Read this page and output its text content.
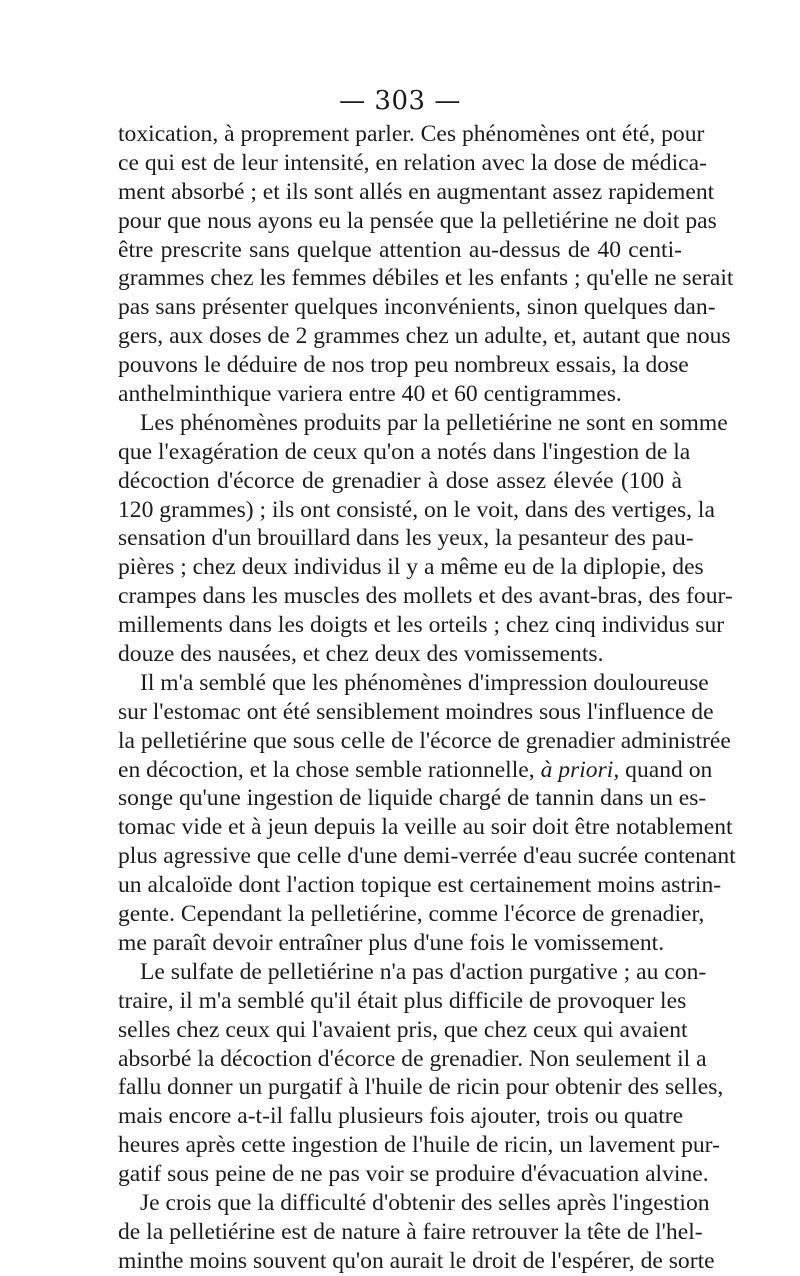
— 303 —
toxication, à proprement parler. Ces phénomènes ont été, pour
ce qui est de leur intensité, en relation avec la dose de médica-
ment absorbé ; et ils sont allés en augmentant assez rapidement
pour que nous ayons eu la pensée que la pelletiérine ne doit pas
être prescrite sans quelque attention au-dessus de 40 centi-
grammes chez les femmes débiles et les enfants ; qu'elle ne serait
pas sans présenter quelques inconvénients, sinon quelques dan-
gers, aux doses de 2 grammes chez un adulte, et, autant que nous
pouvons le déduire de nos trop peu nombreux essais, la dose
anthelminthique variera entre 40 et 60 centigrammes.
Les phénomènes produits par la pelletiérine ne sont en somme
que l'exagération de ceux qu'on a notés dans l'ingestion de la
décoction d'écorce de grenadier à dose assez élevée (100 à
120 grammes) ; ils ont consisté, on le voit, dans des vertiges, la
sensation d'un brouillard dans les yeux, la pesanteur des pau-
pières ; chez deux individus il y a même eu de la diplopie, des
crampes dans les muscles des mollets et des avant-bras, des four-
millements dans les doigts et les orteils ; chez cinq individus sur
douze des nausées, et chez deux des vomissements.
Il m'a semblé que les phénomènes d'impression douloureuse
sur l'estomac ont été sensiblement moindres sous l'influence de
la pelletiérine que sous celle de l'écorce de grenadier administrée
en décoction, et la chose semble rationnelle, à priori, quand on
songe qu'une ingestion de liquide chargé de tannin dans un es-
tomac vide et à jeun depuis la veille au soir doit être notablement
plus agressive que celle d'une demi-verrée d'eau sucrée contenant
un alcaloïde dont l'action topique est certainement moins astrin-
gente. Cependant la pelletiérine, comme l'écorce de grenadier,
me paraît devoir entraîner plus d'une fois le vomissement.
Le sulfate de pelletiérine n'a pas d'action purgative ; au con-
traire, il m'a semblé qu'il était plus difficile de provoquer les
selles chez ceux qui l'avaient pris, que chez ceux qui avaient
absorbé la décoction d'écorce de grenadier. Non seulement il a
fallu donner un purgatif à l'huile de ricin pour obtenir des selles,
mais encore a-t-il fallu plusieurs fois ajouter, trois ou quatre
heures après cette ingestion de l'huile de ricin, un lavement pur-
gatif sous peine de ne pas voir se produire d'évacuation alvine.
Je crois que la difficulté d'obtenir des selles après l'ingestion
de la pelletiérine est de nature à faire retrouver la tête de l'hel-
minthe moins souvent qu'on aurait le droit de l'espérer, de sorte
